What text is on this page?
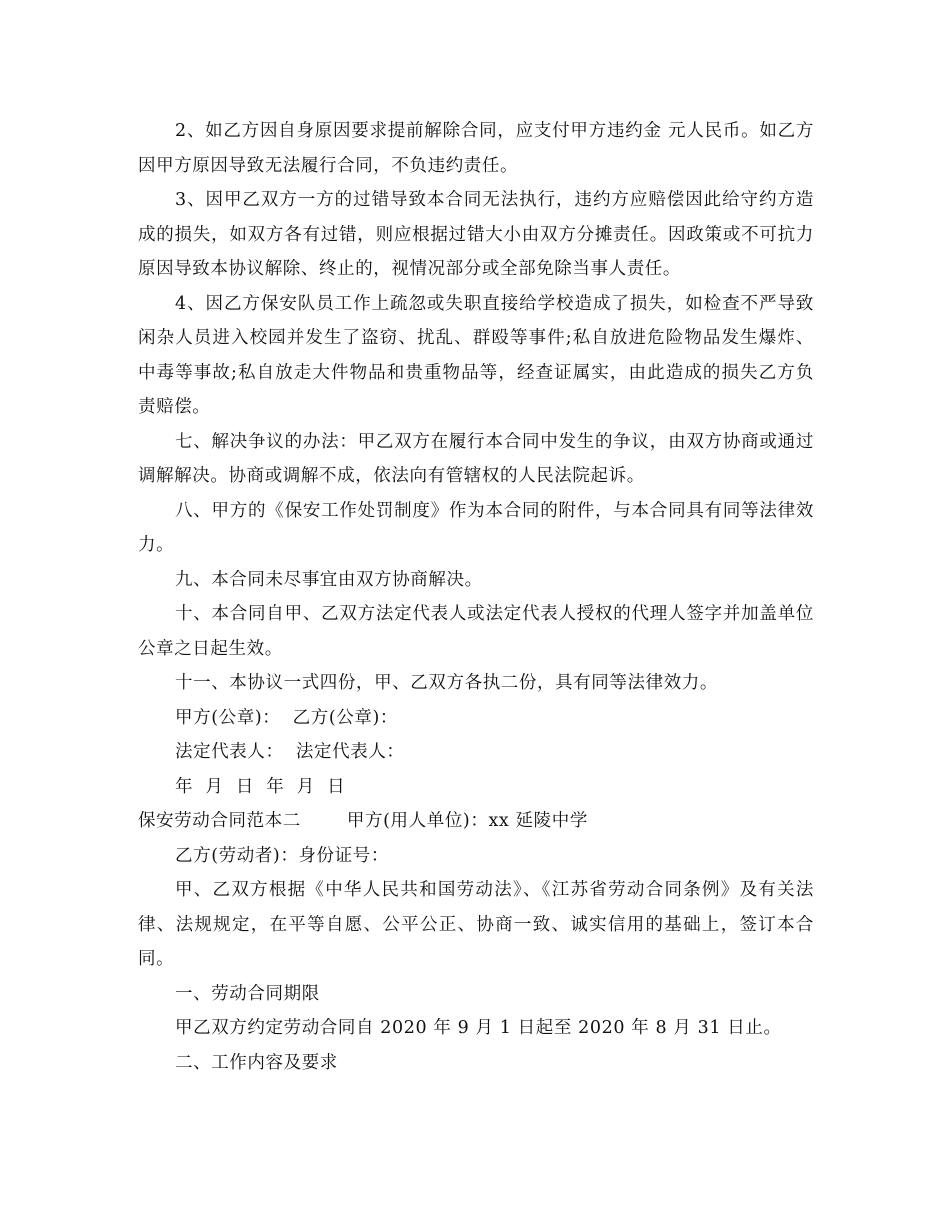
2、如乙方因自身原因要求提前解除合同，应支付甲方违约金 元人民币。如乙方因甲方原因导致无法履行合同，不负违约责任。

3、因甲乙双方一方的过错导致本合同无法执行，违约方应赔偿因此给守约方造成的损失，如双方各有过错，则应根据过错大小由双方分摊责任。因政策或不可抗力原因导致本协议解除、终止的，视情况部分或全部免除当事人责任。

4、因乙方保安队员工作上疏忽或失职直接给学校造成了损失，如检查不严导致闲杂人员进入校园并发生了盗窃、扰乱、群殴等事件;私自放进危险物品发生爆炸、中毒等事故;私自放走大件物品和贵重物品等，经查证属实，由此造成的损失乙方负责赔偿。

七、解决争议的办法：甲乙双方在履行本合同中发生的争议，由双方协商或通过调解解决。协商或调解不成，依法向有管辖权的人民法院起诉。

八、甲方的《保安工作处罚制度》作为本合同的附件，与本合同具有同等法律效力。

九、本合同未尽事宜由双方协商解决。

十、本合同自甲、乙双方法定代表人或法定代表人授权的代理人签字并加盖单位公章之日起生效。

十一、本协议一式四份，甲、乙双方各执二份，具有同等法律效力。

甲方(公章)：  乙方(公章)：

法定代表人：  法定代表人：

年  月  日  年  月  日

保安劳动合同范本二	甲方(用人单位)：xx 延陵中学

乙方(劳动者)：身份证号：

甲、乙双方根据《中华人民共和国劳动法》、《江苏省劳动合同条例》及有关法律、法规规定，在平等自愿、公平公正、协商一致、诚实信用的基础上，签订本合同。

一、劳动合同期限

甲乙双方约定劳动合同自 2020 年 9 月 1 日起至 2020 年 8 月 31 日止。

二、工作内容及要求
